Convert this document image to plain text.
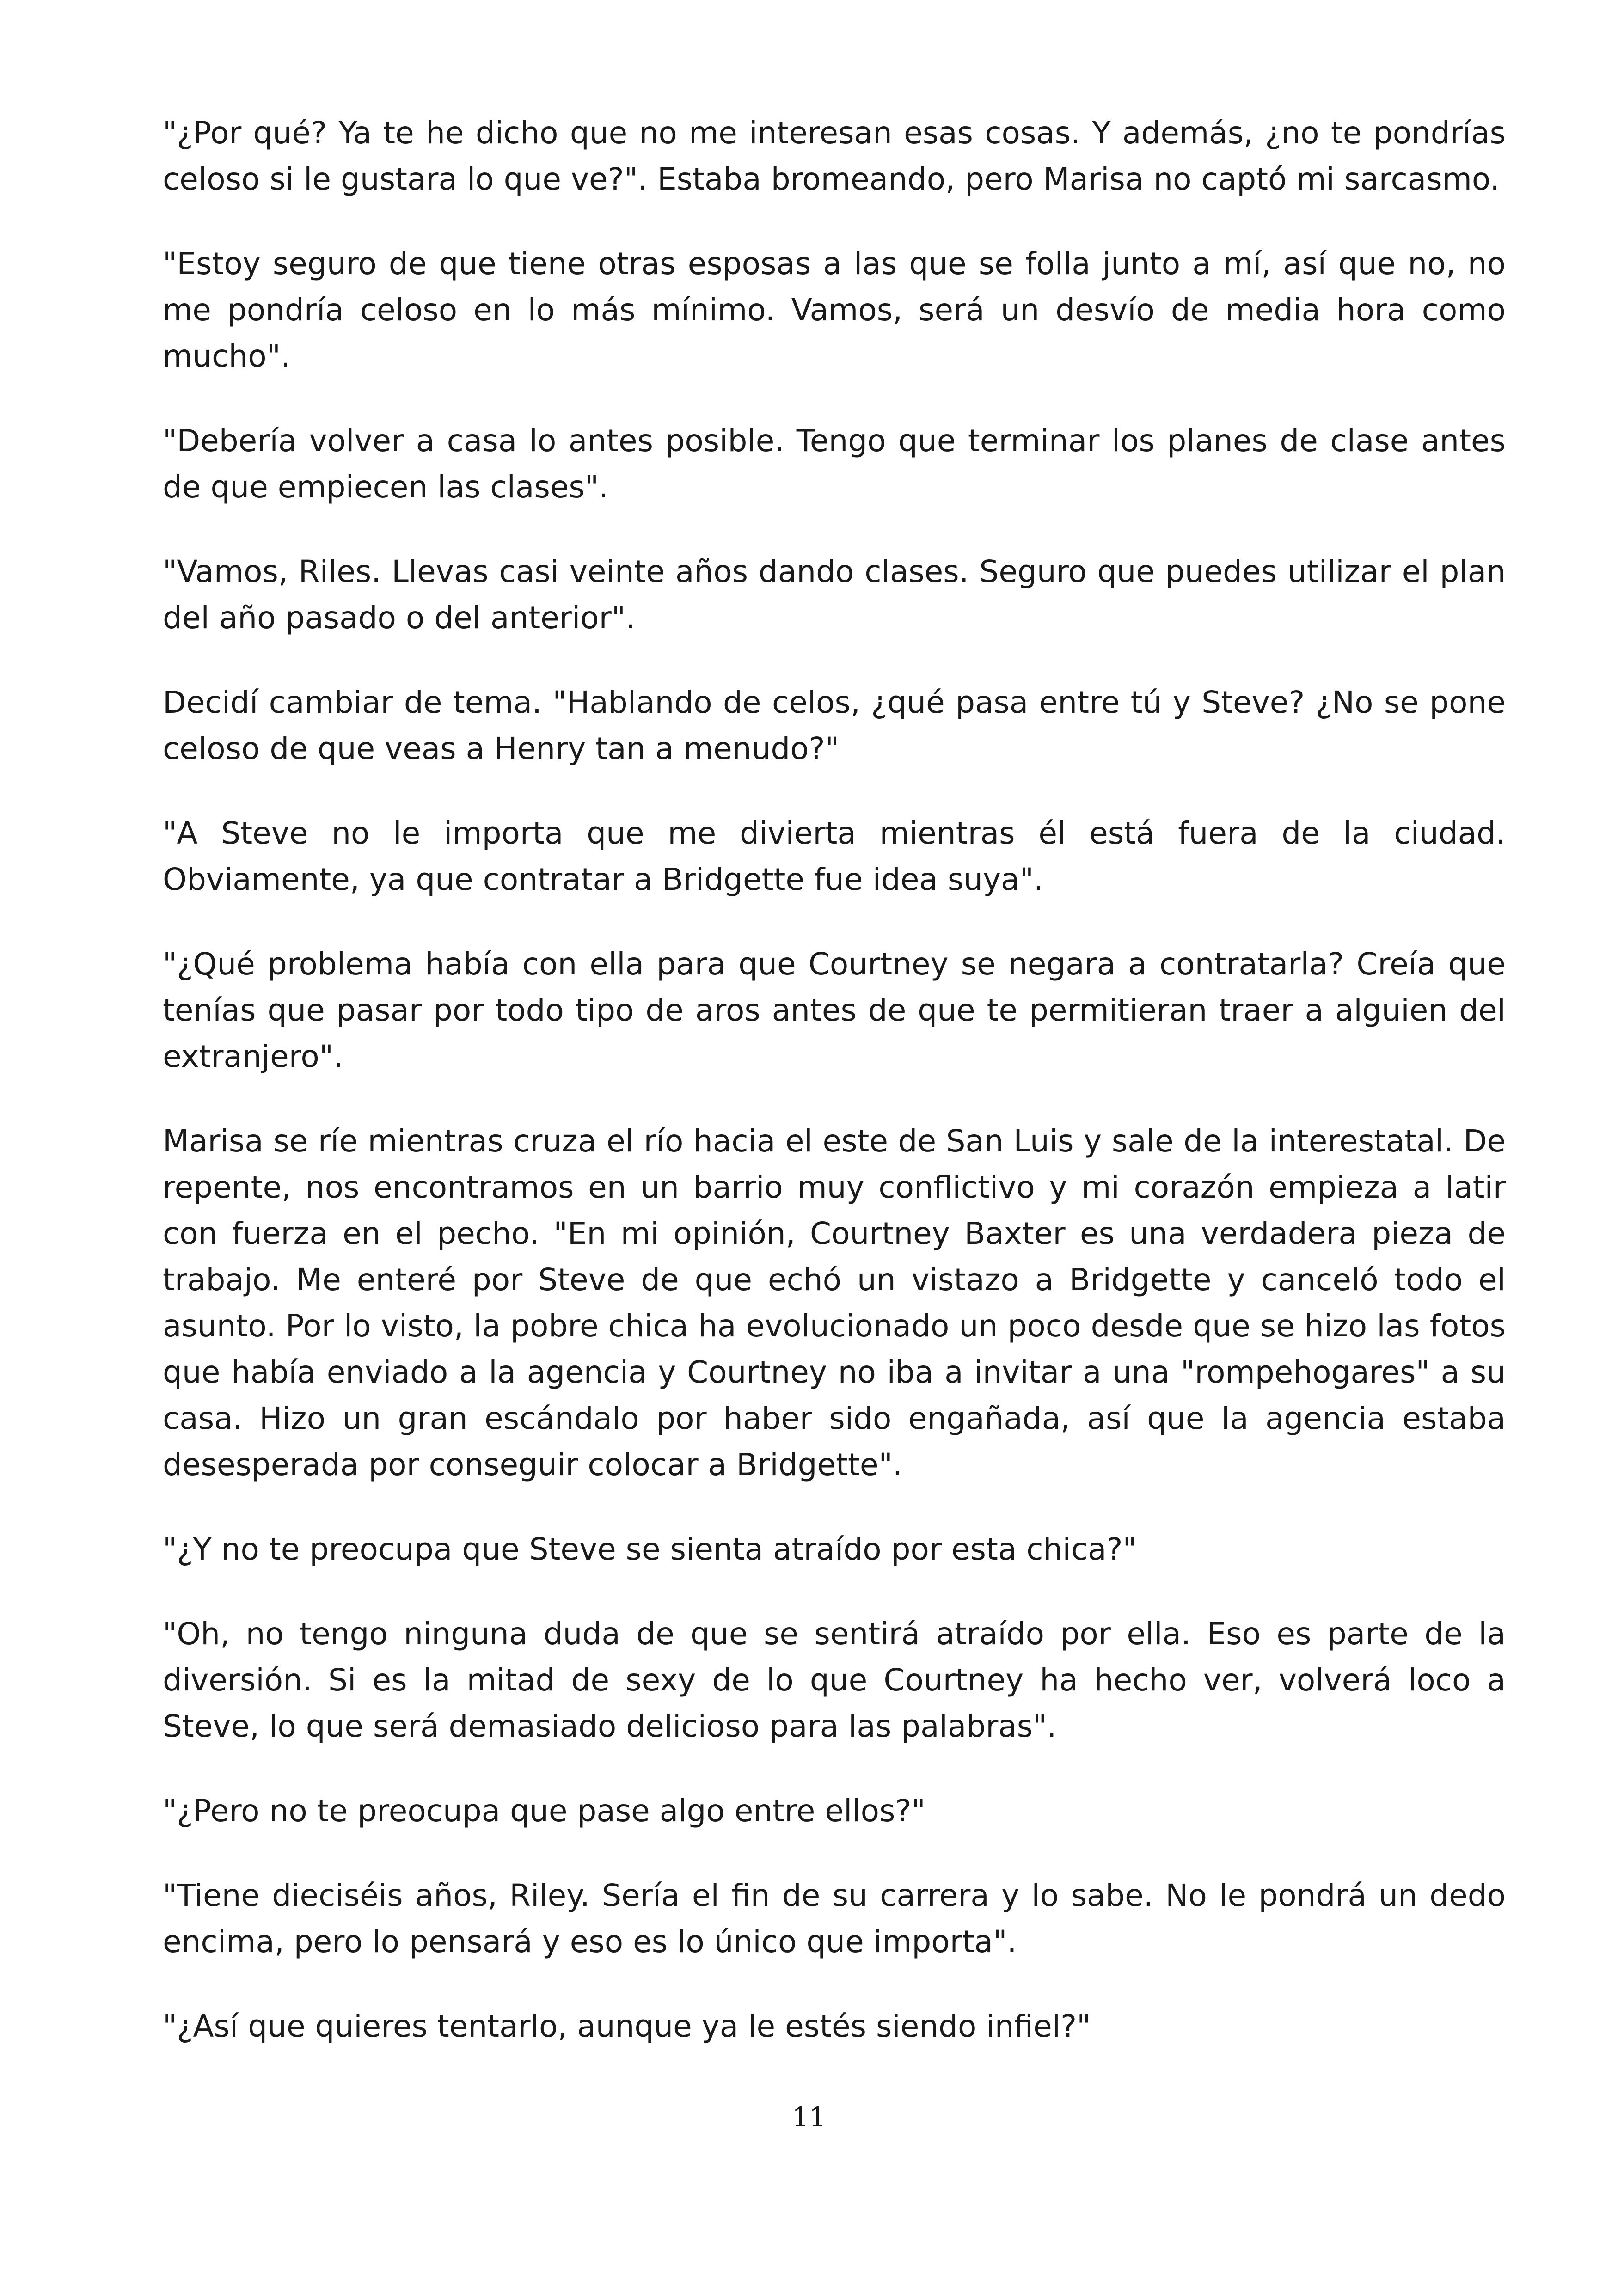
"¿Por qué? Ya te he dicho que no me interesan esas cosas. Y además, ¿no te pondrías celoso si le gustara lo que ve?". Estaba bromeando, pero Marisa no captó mi sarcasmo.

"Estoy seguro de que tiene otras esposas a las que se folla junto a mí, así que no, no me pondría celoso en lo más mínimo. Vamos, será un desvío de media hora como mucho".

"Debería volver a casa lo antes posible. Tengo que terminar los planes de clase antes de que empiecen las clases".

"Vamos, Riles. Llevas casi veinte años dando clases. Seguro que puedes utilizar el plan del año pasado o del anterior".

Decidí cambiar de tema. "Hablando de celos, ¿qué pasa entre tú y Steve? ¿No se pone celoso de que veas a Henry tan a menudo?"

"A Steve no le importa que me divierta mientras él está fuera de la ciudad. Obviamente, ya que contratar a Bridgette fue idea suya".

"¿Qué problema había con ella para que Courtney se negara a contratarla? Creía que tenías que pasar por todo tipo de aros antes de que te permitieran traer a alguien del extranjero".

Marisa se ríe mientras cruza el río hacia el este de San Luis y sale de la interestatal. De repente, nos encontramos en un barrio muy conflictivo y mi corazón empieza a latir con fuerza en el pecho. "En mi opinión, Courtney Baxter es una verdadera pieza de trabajo. Me enteré por Steve de que echó un vistazo a Bridgette y canceló todo el asunto. Por lo visto, la pobre chica ha evolucionado un poco desde que se hizo las fotos que había enviado a la agencia y Courtney no iba a invitar a una "rompehogares" a su casa. Hizo un gran escándalo por haber sido engañada, así que la agencia estaba desesperada por conseguir colocar a Bridgette".

"¿Y no te preocupa que Steve se sienta atraído por esta chica?"

"Oh, no tengo ninguna duda de que se sentirá atraído por ella. Eso es parte de la diversión. Si es la mitad de sexy de lo que Courtney ha hecho ver, volverá loco a Steve, lo que será demasiado delicioso para las palabras".

"¿Pero no te preocupa que pase algo entre ellos?"

"Tiene dieciséis años, Riley. Sería el fin de su carrera y lo sabe. No le pondrá un dedo encima, pero lo pensará y eso es lo único que importa".

"¿Así que quieres tentarlo, aunque ya le estés siendo infiel?"

11
